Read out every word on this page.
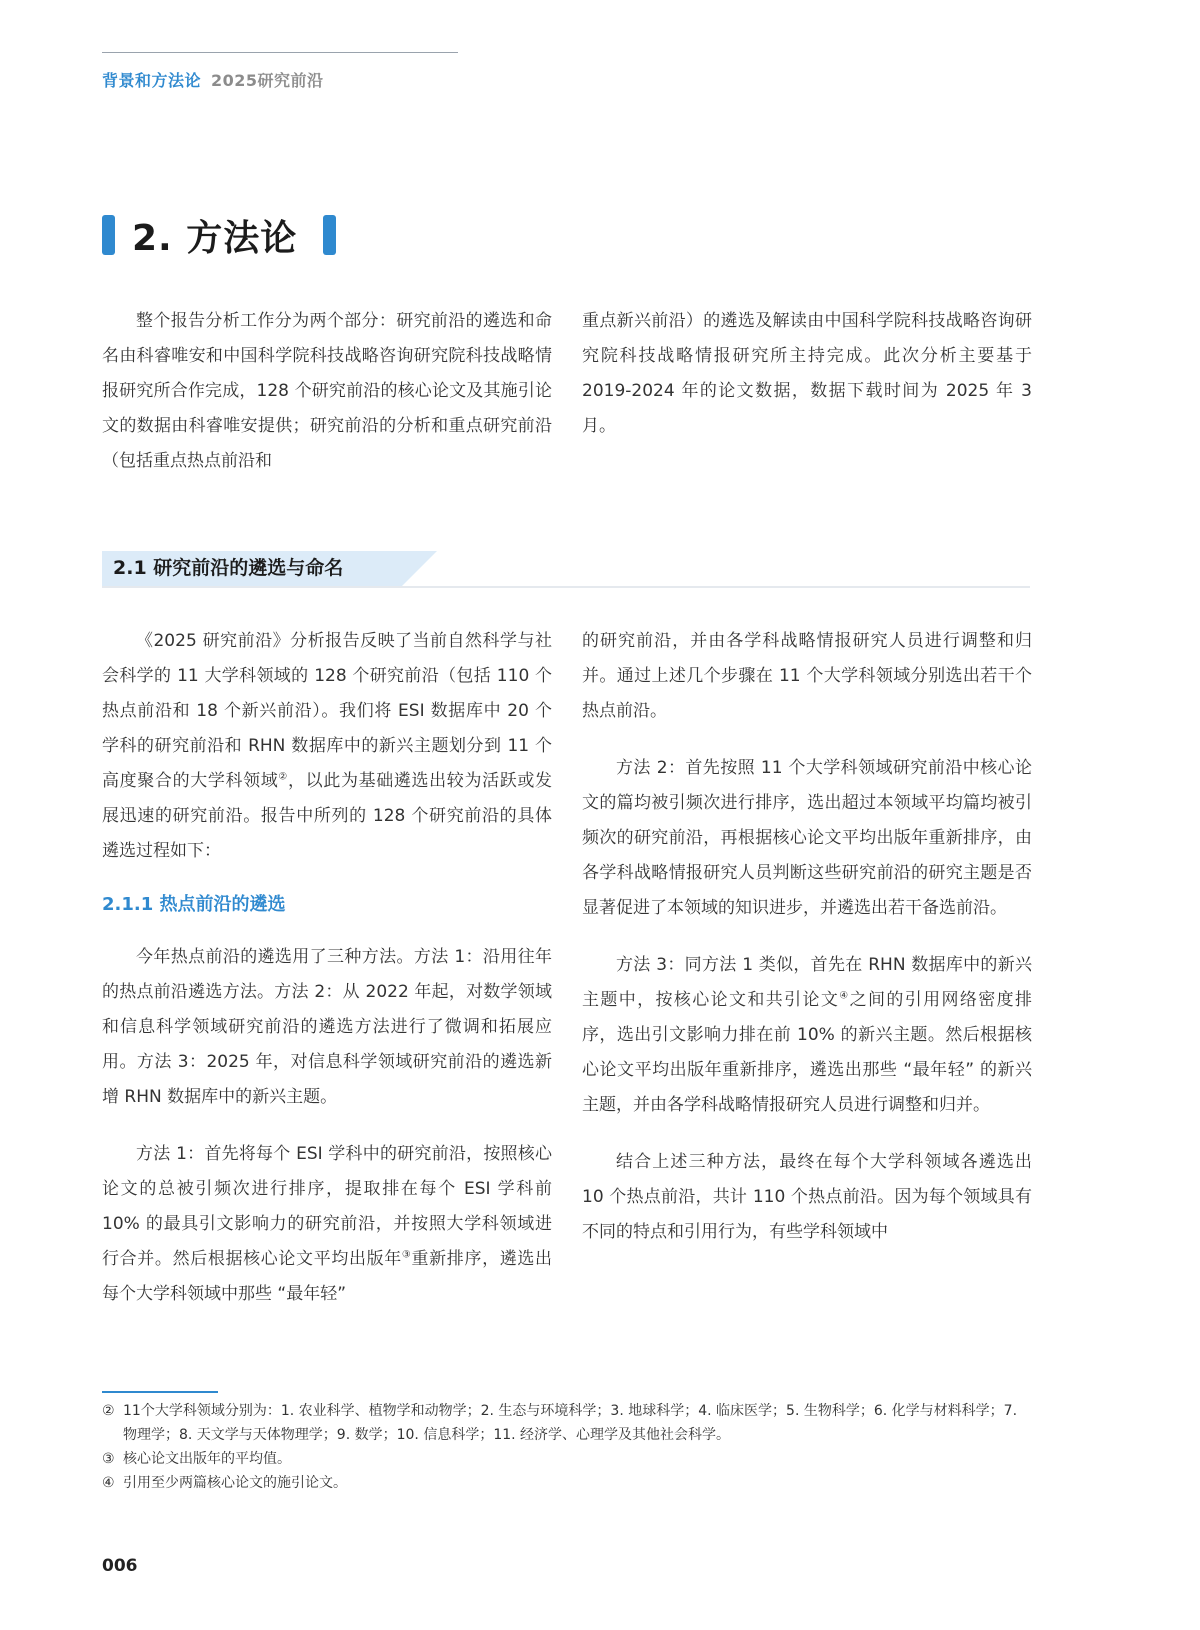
背景和方法论 2025研究前沿
2. 方法论

整个报告分析工作分为两个部分：研究前沿的遴选和命名由科睿唯安和中国科学院科技战略咨询研究院科技战略情报研究所合作完成，128 个研究前沿的核心论文及其施引论文的数据由科睿唯安提供；研究前沿的分析和重点研究前沿（包括重点热点前沿和

重点新兴前沿）的遴选及解读由中国科学院科技战略咨询研究院科技战略情报研究所主持完成。此次分析主要基于 2019-2024 年的论文数据，数据下载时间为 2025 年 3 月。

2.1 研究前沿的遴选与命名

《2025 研究前沿》分析报告反映了当前自然科学与社会科学的 11 大学科领域的 128 个研究前沿（包括 110 个热点前沿和 18 个新兴前沿）。我们将 ESI 数据库中 20 个学科的研究前沿和 RHN 数据库中的新兴主题划分到 11 个高度聚合的大学科领域②，以此为基础遴选出较为活跃或发展迅速的研究前沿。报告中所列的 128 个研究前沿的具体遴选过程如下：

2.1.1 热点前沿的遴选

今年热点前沿的遴选用了三种方法。方法 1：沿用往年的热点前沿遴选方法。方法 2：从 2022 年起，对数学领域和信息科学领域研究前沿的遴选方法进行了微调和拓展应用。方法 3：2025 年，对信息科学领域研究前沿的遴选新增 RHN 数据库中的新兴主题。

方法 1：首先将每个 ESI 学科中的研究前沿，按照核心论文的总被引频次进行排序，提取排在每个 ESI 学科前 10% 的最具引文影响力的研究前沿，并按照大学科领域进行合并。然后根据核心论文平均出版年③重新排序，遴选出每个大学科领域中那些 “最年轻”

的研究前沿，并由各学科战略情报研究人员进行调整和归并。通过上述几个步骤在 11 个大学科领域分别选出若干个热点前沿。

方法 2：首先按照 11 个大学科领域研究前沿中核心论文的篇均被引频次进行排序，选出超过本领域平均篇均被引频次的研究前沿，再根据核心论文平均出版年重新排序，由各学科战略情报研究人员判断这些研究前沿的研究主题是否显著促进了本领域的知识进步，并遴选出若干备选前沿。

方法 3：同方法 1 类似，首先在 RHN 数据库中的新兴主题中，按核心论文和共引论文④之间的引用网络密度排序，选出引文影响力排在前 10% 的新兴主题。然后根据核心论文平均出版年重新排序，遴选出那些 “最年轻” 的新兴主题，并由各学科战略情报研究人员进行调整和归并。

结合上述三种方法，最终在每个大学科领域各遴选出 10 个热点前沿，共计 110 个热点前沿。因为每个领域具有不同的特点和引用行为，有些学科领域中

② 11个大学科领域分别为：1. 农业科学、植物学和动物学；2. 生态与环境科学；3. 地球科学；4. 临床医学；5. 生物科学；6. 化学与材料科学；7. 物理学；8. 天文学与天体物理学；9. 数学；10. 信息科学；11. 经济学、心理学及其他社会科学。

③ 核心论文出版年的平均值。

④ 引用至少两篇核心论文的施引论文。

006
